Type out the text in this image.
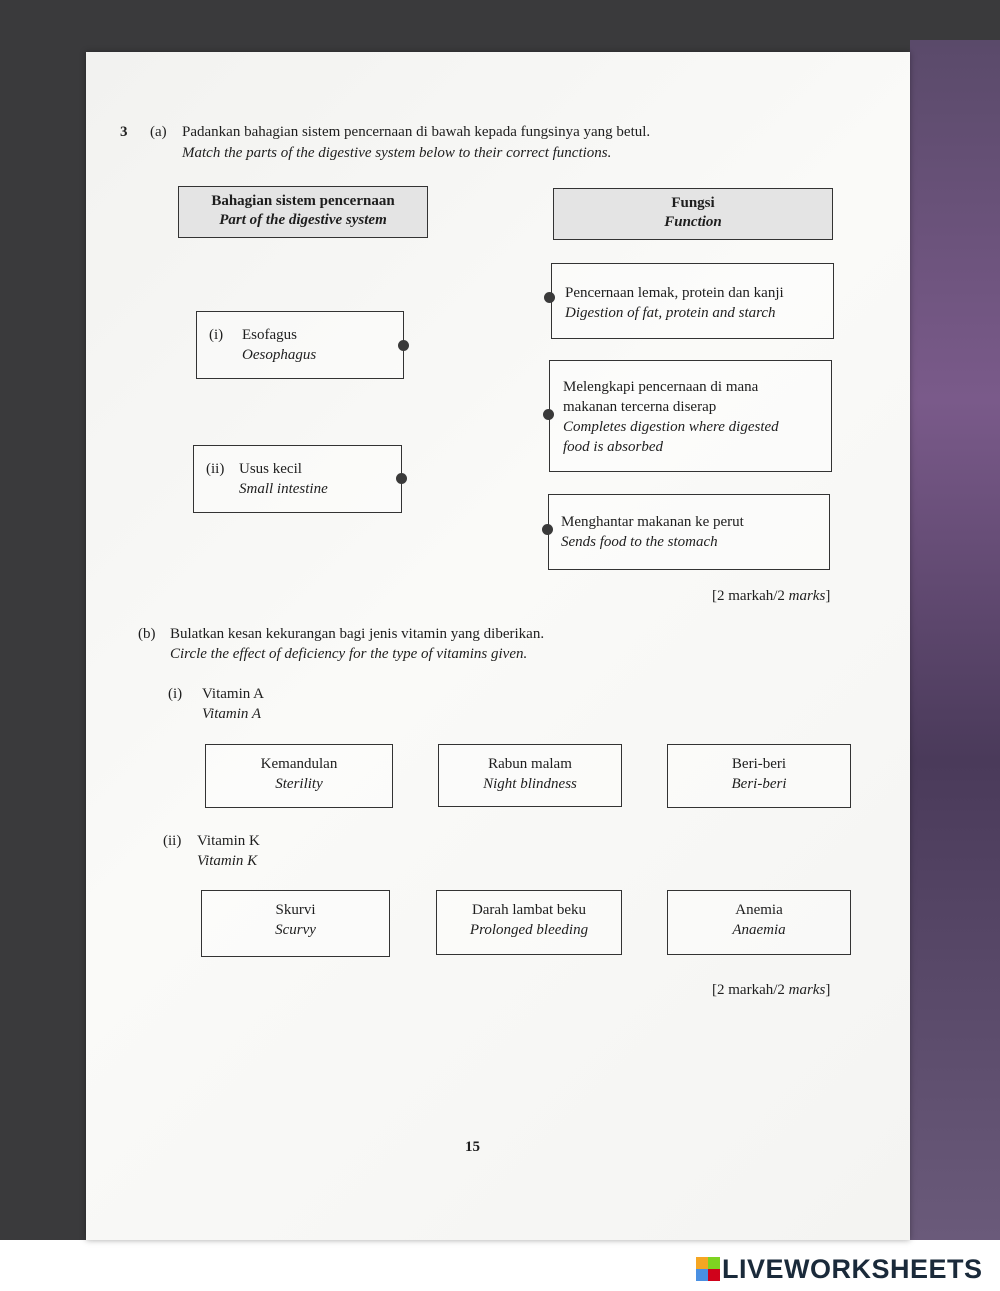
3 (a) Padankan bahagian sistem pencernaan di bawah kepada fungsinya yang betul.
Match the parts of the digestive system below to their correct functions.
Bahagian sistem pencernaan
Part of the digestive system
Fungsi
Function
(i) Esofagus
Oesophagus
(ii) Usus kecil
Small intestine
Pencernaan lemak, protein dan kanji
Digestion of fat, protein and starch
Melengkapi pencernaan di mana
makanan tercerna diserap
Completes digestion where digested
food is absorbed
Menghantar makanan ke perut
Sends food to the stomach
[2 markah/2 marks]
(b) Bulatkan kesan kekurangan bagi jenis vitamin yang diberikan.
Circle the effect of deficiency for the type of vitamins given.
(i) Vitamin A
Vitamin A
Kemandulan
Sterility
Rabun malam
Night blindness
Beri-beri
Beri-beri
(ii) Vitamin K
Vitamin K
Skurvi
Scurvy
Darah lambat beku
Prolonged bleeding
Anemia
Anaemia
[2 markah/2 marks]
15
LIVEWORKSHEETS
